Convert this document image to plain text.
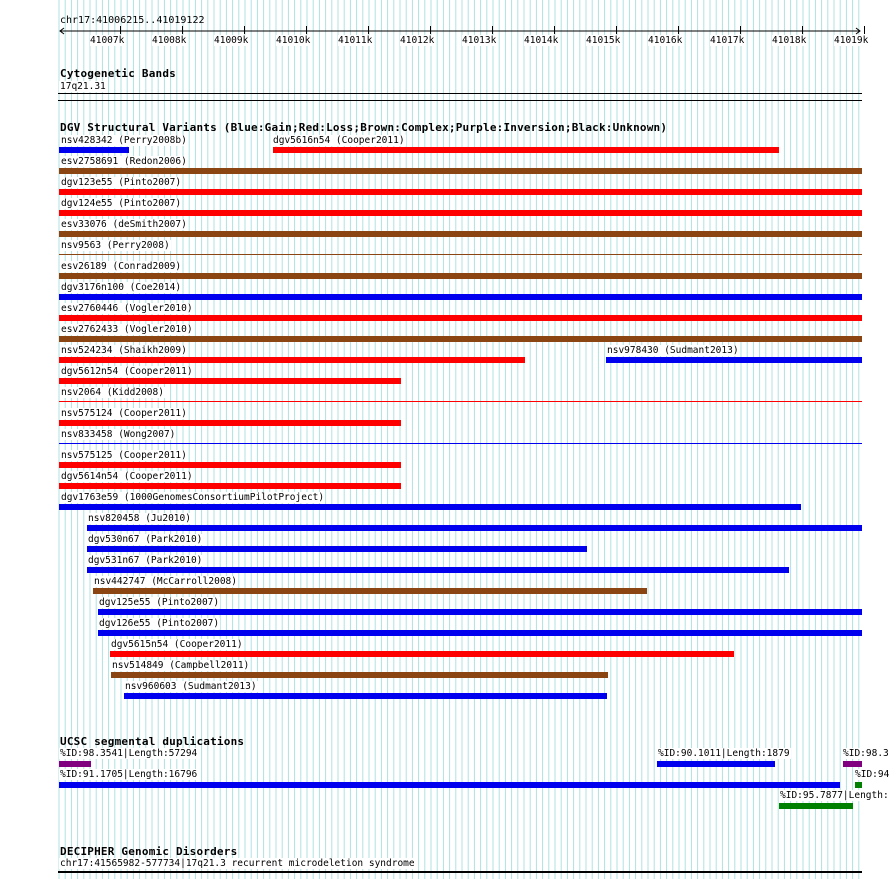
chr17:41006215..41019122
41007k	41008k	41009k	41010k	41011k	41012k	41013k	41014k	41015k	41016k	41017k	41018k	41019k
Cytogenetic Bands
17q21.31
DGV Structural Variants (Blue:Gain;Red:Loss;Brown:Complex;Purple:Inversion;Black:Unknown)
nsv428342 (Perry2008b)	dgv5616n54 (Cooper2011)
esv2758691 (Redon2006)
dgv123e55 (Pinto2007)
dgv124e55 (Pinto2007)
esv33076 (deSmith2007)
nsv9563 (Perry2008)
esv26189 (Conrad2009)
dgv3176n100 (Coe2014)
esv2760446 (Vogler2010)
esv2762433 (Vogler2010)
nsv524234 (Shaikh2009)	nsv978430 (Sudmant2013)
dgv5612n54 (Cooper2011)
nsv2064 (Kidd2008)
nsv575124 (Cooper2011)
nsv833458 (Wong2007)
nsv575125 (Cooper2011)
dgv5614n54 (Cooper2011)
dgv1763e59 (1000GenomesConsortiumPilotProject)
nsv820458 (Ju2010)
dgv530n67 (Park2010)
dgv531n67 (Park2010)
nsv442747 (McCarroll2008)
dgv125e55 (Pinto2007)
dgv126e55 (Pinto2007)
dgv5615n54 (Cooper2011)
nsv514849 (Campbell2011)
nsv960603 (Sudmant2013)
UCSC segmental duplications
%ID:98.3541|Length:57294	%ID:90.1011|Length:1879	%ID:98.3
%ID:91.1705|Length:16796	%ID:94
%ID:95.7877|Length:
DECIPHER Genomic Disorders
chr17:41565982-577734|17q21.3 recurrent microdeletion syndrome
